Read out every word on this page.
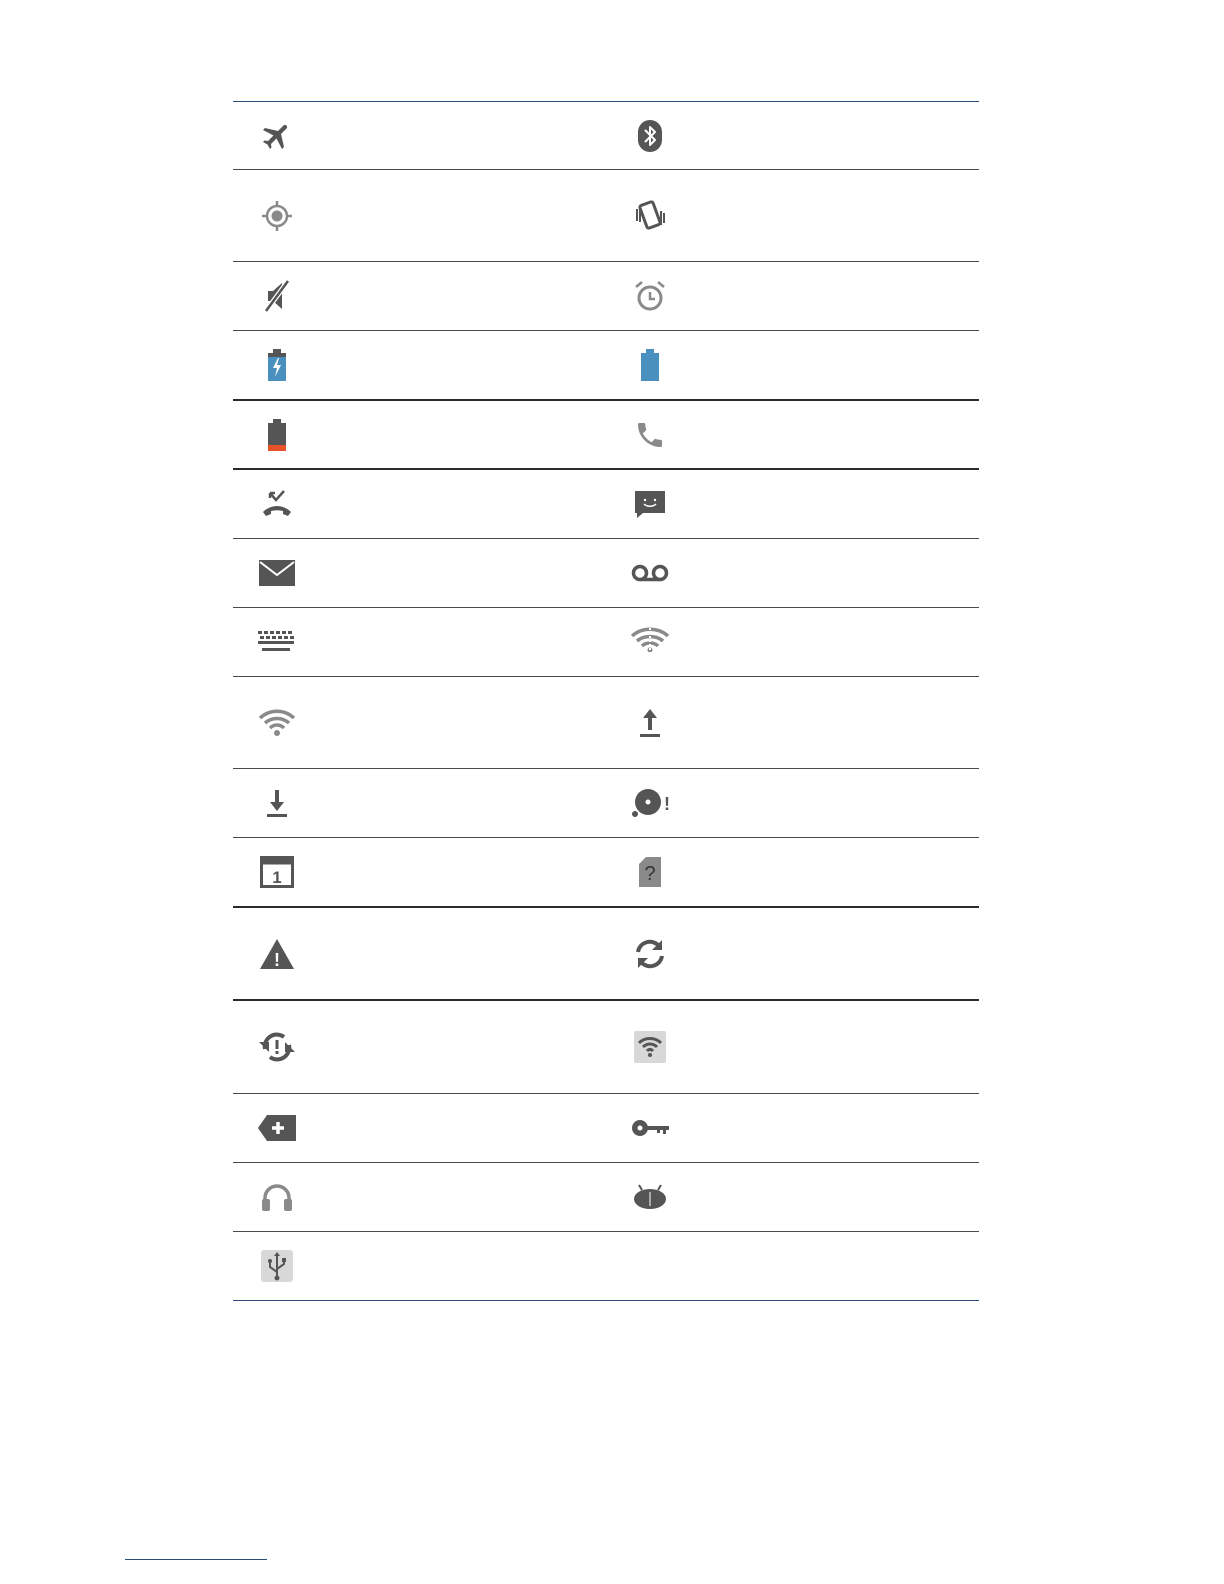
!
1	?
!
